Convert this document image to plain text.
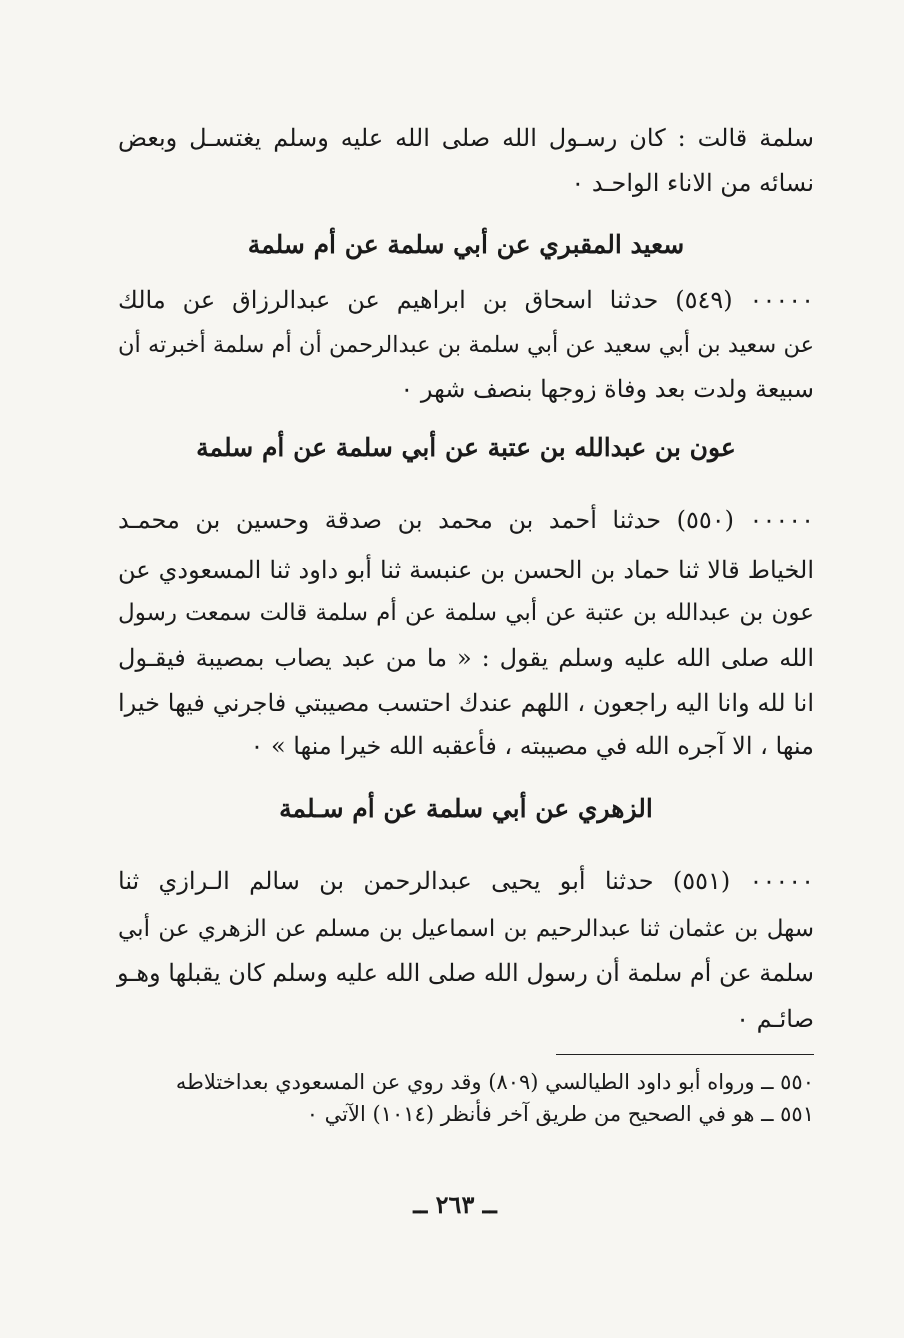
سلمة قالت : كان رسـول الله صلى الله عليه وسلم يغتسـل وبعض
نسائه من الاناء الواحـد ٠
سعيد المقبري عن أبي سلمة عن أم سلمة
٠٠٠٠٠ (٥٤٩) حدثنا اسحاق بن ابراهيم عن عبدالرزاق عن مالك
عن سعيد بن أبي سعيد عن أبي سلمة بن عبدالرحمن أن أم سلمة أخبرته أن
سبيعة ولدت بعد وفاة زوجها بنصف شهر ٠
عون بن عبدالله بن عتبة عن أبي سلمة عن أم سلمة
٠٠٠٠٠ (٥٥٠) حدثنا أحمد بن محمد بن صدقة وحسين بن محمـد
الخياط قالا ثنا حماد بن الحسن بن عنبسة ثنا أبو داود ثنا المسعودي عن
عون بن عبدالله بن عتبة عن أبي سلمة عن أم سلمة قالت سمعت رسول
الله صلى الله عليه وسلم يقول : « ما من عبد يصاب بمصيبة فيقـول
انا لله وانا اليه راجعون ، اللهم عندك احتسب مصيبتي فاجرني فيها خيرا
منها ، الا آجره الله في مصيبته ، فأعقبه الله خيرا منها » ٠
الزهري عن أبي سلمة عن أم سـلمة
٠٠٠٠٠ (٥٥١) حدثنا أبو يحيى عبدالرحمن بن سالم الـرازي ثنا
سهل بن عثمان ثنا عبدالرحيم بن اسماعيل بن مسلم عن الزهري عن أبي
سلمة عن أم سلمة أن رسول الله صلى الله عليه وسلم كان يقبلها وهـو
صائـم ٠
٥٥٠ ــ ورواه أبو داود الطيالسي (٨٠٩) وقد روي عن المسعودي بعداختلاطه
٥٥١ ــ هو في الصحيح من طريق آخر فأنظر (١٠١٤) الآتي ٠
ــ ٢٦٣ ــ
